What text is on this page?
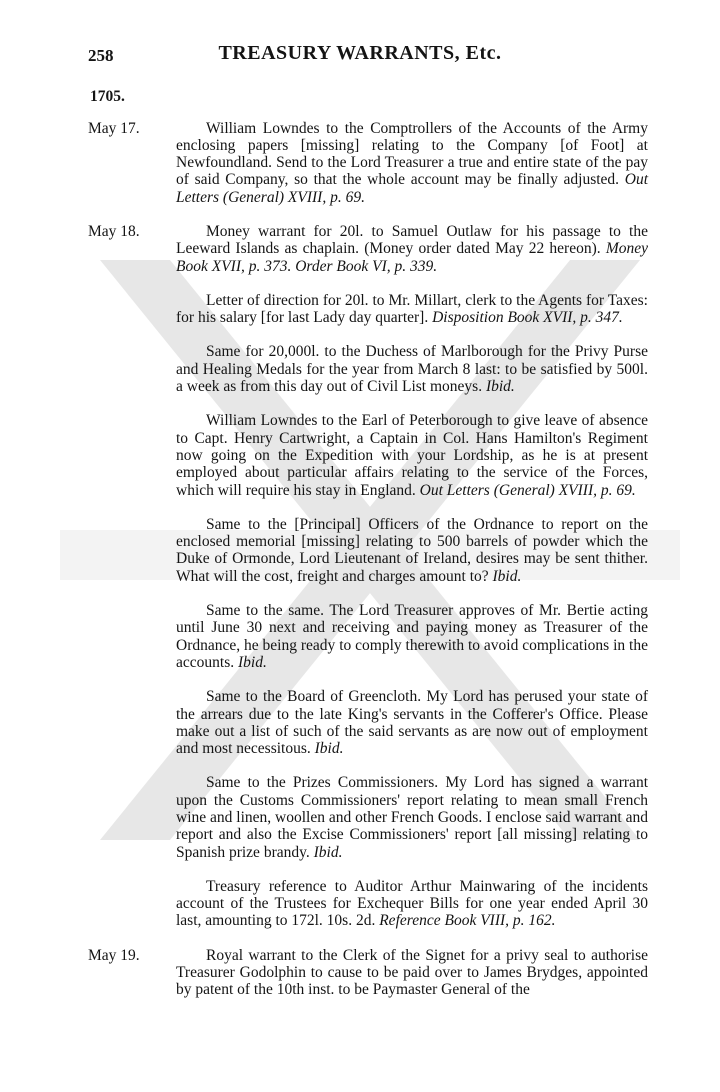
258	TREASURY WARRANTS, Etc.
1705.

May 17.	William Lowndes to the Comptrollers of the Accounts of the Army enclosing papers [missing] relating to the Company [of Foot] at Newfoundland. Send to the Lord Treasurer a true and entire state of the pay of said Company, so that the whole account may be finally adjusted. Out Letters (General) XVIII, p. 69.

May 18.	Money warrant for 20l. to Samuel Outlaw for his passage to the Leeward Islands as chaplain. (Money order dated May 22 hereon). Money Book XVII, p. 373. Order Book VI, p. 339.

Letter of direction for 20l. to Mr. Millart, clerk to the Agents for Taxes: for his salary [for last Lady day quarter]. Disposition Book XVII, p. 347.

Same for 20,000l. to the Duchess of Marlborough for the Privy Purse and Healing Medals for the year from March 8 last: to be satisfied by 500l. a week as from this day out of Civil List moneys. Ibid.

William Lowndes to the Earl of Peterborough to give leave of absence to Capt. Henry Cartwright, a Captain in Col. Hans Hamilton's Regiment now going on the Expedition with your Lordship, as he is at present employed about particular affairs relating to the service of the Forces, which will require his stay in England. Out Letters (General) XVIII, p. 69.

Same to the [Principal] Officers of the Ordnance to report on the enclosed memorial [missing] relating to 500 barrels of powder which the Duke of Ormonde, Lord Lieutenant of Ireland, desires may be sent thither. What will the cost, freight and charges amount to? Ibid.

Same to the same. The Lord Treasurer approves of Mr. Bertie acting until June 30 next and receiving and paying money as Treasurer of the Ordnance, he being ready to comply therewith to avoid complications in the accounts. Ibid.

Same to the Board of Greencloth. My Lord has perused your state of the arrears due to the late King's servants in the Cofferer's Office. Please make out a list of such of the said servants as are now out of employment and most necessitous. Ibid.

Same to the Prizes Commissioners. My Lord has signed a warrant upon the Customs Commissioners' report relating to mean small French wine and linen, woollen and other French Goods. I enclose said warrant and report and also the Excise Commissioners' report [all missing] relating to Spanish prize brandy. Ibid.

Treasury reference to Auditor Arthur Mainwaring of the incidents account of the Trustees for Exchequer Bills for one year ended April 30 last, amounting to 172l. 10s. 2d. Reference Book VIII, p. 162.

May 19.	Royal warrant to the Clerk of the Signet for a privy seal to authorise Treasurer Godolphin to cause to be paid over to James Brydges, appointed by patent of the 10th inst. to be Paymaster General of the
